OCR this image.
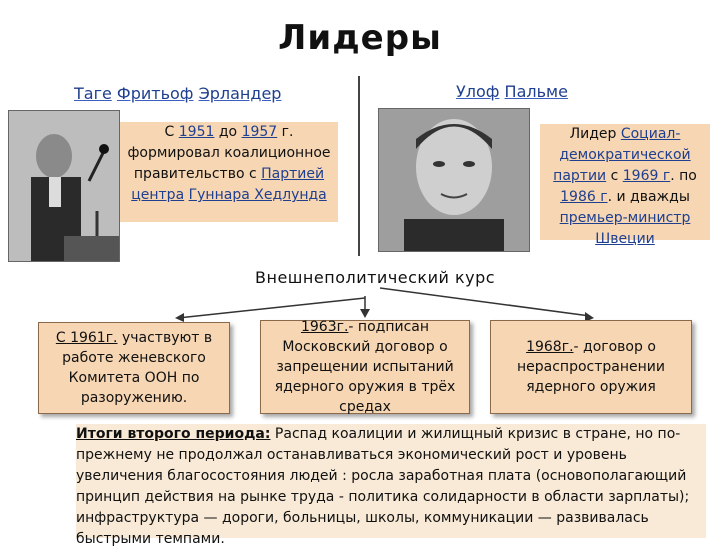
Лидеры
Таге Фритьоф Эрландер
С 1951 до 1957 г. формировал коалиционное правительство с Партией центра Гуннара Хедлунда
Улоф Пальме
Лидер Социал-демократической партии с 1969 г. по 1986 г. и дважды премьер-министр Швеции
Внешнеполитический курс
С 1961г. участвуют в работе женевского Комитета ООН по разоружению.
1963г.- подписан Московский договор о запрещении испытаний ядерного оружия в трёх средах
1968г.- договор о нераспространении ядерного оружия
Итоги второго периода: Распад коалиции и жилищный кризис в стране, но по-прежнему не продолжал останавливаться экономический рост и уровень увеличения благосостояния людей : росла заработная плата (основополагающий принцип действия на рынке труда - политика солидарности в области зарплаты); инфраструктура — дороги, больницы, школы, коммуникации — развивалась быстрыми темпами.
